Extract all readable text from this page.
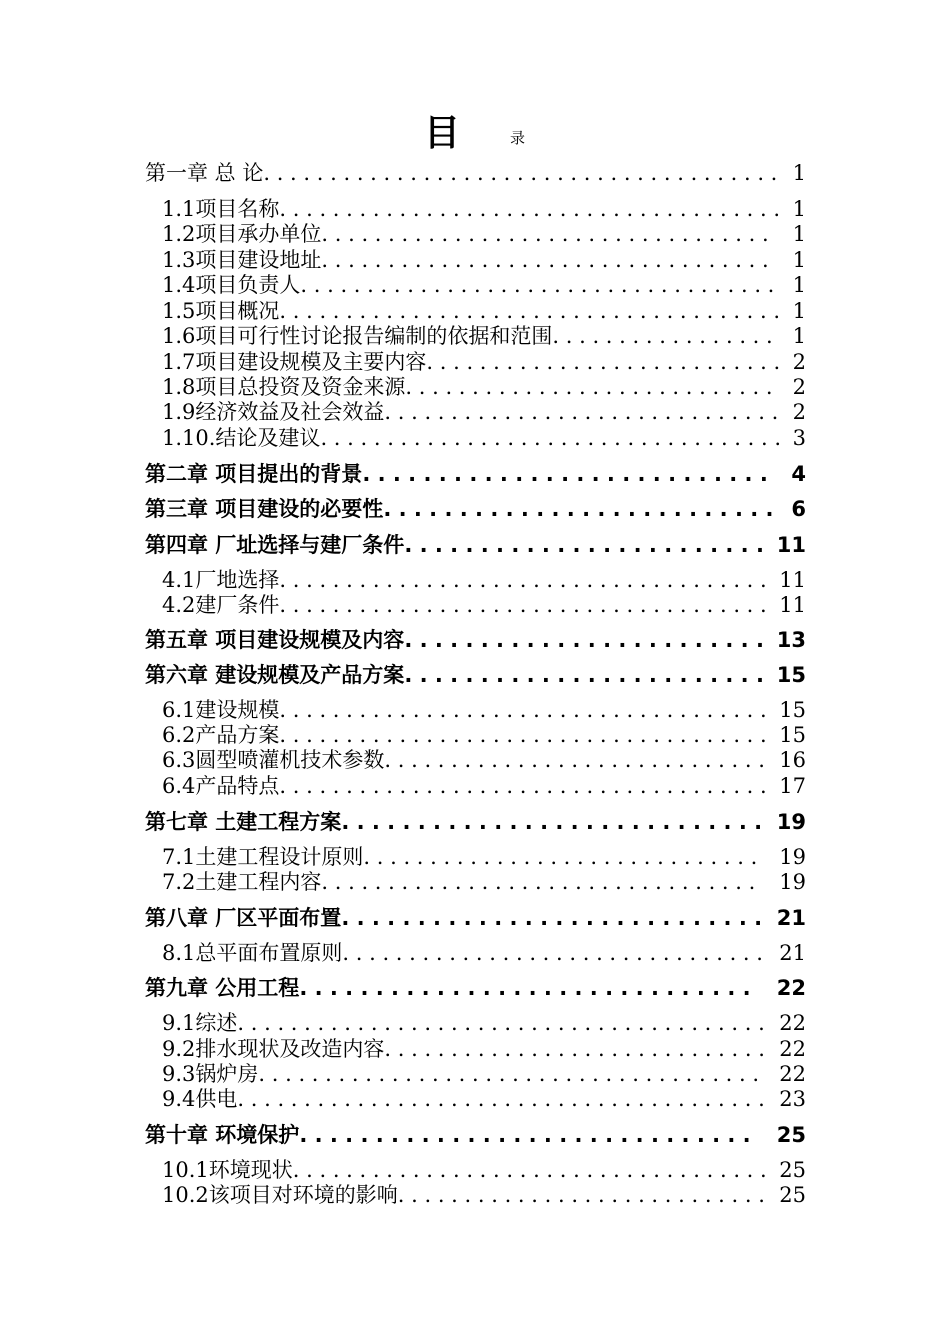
目	录
第一章 总 论. . . . . . . . . . . . . . . . . . . . . . . . . . . . . . . . . . . . . . . 1
1.1项目名称. . . . . . . . . . . . . . . . . . . . . . . . . . . . . . . . . . . . . . 1
1.2项目承办单位. . . . . . . . . . . . . . . . . . . . . . . . . . . . . . . . . .	1
1.3项目建设地址. . . . . . . . . . . . . . . . . . . . . . . . . . . . . . . . . .	1
1.4项目负责人. . . . . . . . . . . . . . . . . . . . . . . . . . . . . . . . . . . . 1
1.5项目概况. . . . . . . . . . . . . . . . . . . . . . . . . . . . . . . . . . . . . . 1
1.6项目可行性讨论报告编制的依据和范围. . . . . . . . . . . . . . . . . 1
1.7项目建设规模及主要内容. . . . . . . . . . . . . . . . . . . . . . . . . . . 2
1.8项目总投资及资金来源. . . . . . . . . . . . . . . . . . . . . . . . . . . . 2
1.9经济效益及社会效益. . . . . . . . . . . . . . . . . . . . . . . . . . . . . . 2
1.10.结论及建议. . . . . . . . . . . . . . . . . . . . . . . . . . . . . . . . . . . 3
第二章 项目提出的背景. . . . . . . . . . . . . . . . . . . . . . . . . . .	4
第三章 项目建设的必要性. . . . . . . . . . . . . . . . . . . . . . . . . . 6
第四章 厂址选择与建厂条件. . . . . . . . . . . . . . . . . . . . . . . . 11
4.1厂地选择. . . . . . . . . . . . . . . . . . . . . . . . . . . . . . . . . . . . . 11
4.2建厂条件. . . . . . . . . . . . . . . . . . . . . . . . . . . . . . . . . . . . . 11
第五章 项目建设规模及内容. . . . . . . . . . . . . . . . . . . . . . . . 13
第六章 建设规模及产品方案. . . . . . . . . . . . . . . . . . . . . . . . 15
6.1建设规模. . . . . . . . . . . . . . . . . . . . . . . . . . . . . . . . . . . . . 15
6.2产品方案. . . . . . . . . . . . . . . . . . . . . . . . . . . . . . . . . . . . . 15
6.3圆型喷灌机技术参数. . . . . . . . . . . . . . . . . . . . . . . . . . . . . 16
6.4产品特点. . . . . . . . . . . . . . . . . . . . . . . . . . . . . . . . . . . . . 17
第七章 土建工程方案. . . . . . . . . . . . . . . . . . . . . . . . . . . . 19
7.1土建工程设计原则. . . . . . . . . . . . . . . . . . . . . . . . . . . . . .	19
7.2土建工程内容. . . . . . . . . . . . . . . . . . . . . . . . . . . . . . . . .	19
第八章 厂区平面布置. . . . . . . . . . . . . . . . . . . . . . . . . . . . 21
8.1总平面布置原则. . . . . . . . . . . . . . . . . . . . . . . . . . . . . . . . 21
第九章 公用工程. . . . . . . . . . . . . . . . . . . . . . . . . . . . . .	22
9.1综述. . . . . . . . . . . . . . . . . . . . . . . . . . . . . . . . . . . . . . . . 22
9.2排水现状及改造内容. . . . . . . . . . . . . . . . . . . . . . . . . . . . . 22
9.3锅炉房. . . . . . . . . . . . . . . . . . . . . . . . . . . . . . . . . . . . . . 22
9.4供电. . . . . . . . . . . . . . . . . . . . . . . . . . . . . . . . . . . . . . . . 23
第十章 环境保护. . . . . . . . . . . . . . . . . . . . . . . . . . . . . .	25
10.1环境现状. . . . . . . . . . . . . . . . . . . . . . . . . . . . . . . . . . . . 25
10.2该项目对环境的影响. . . . . . . . . . . . . . . . . . . . . . . . . . . . 25
